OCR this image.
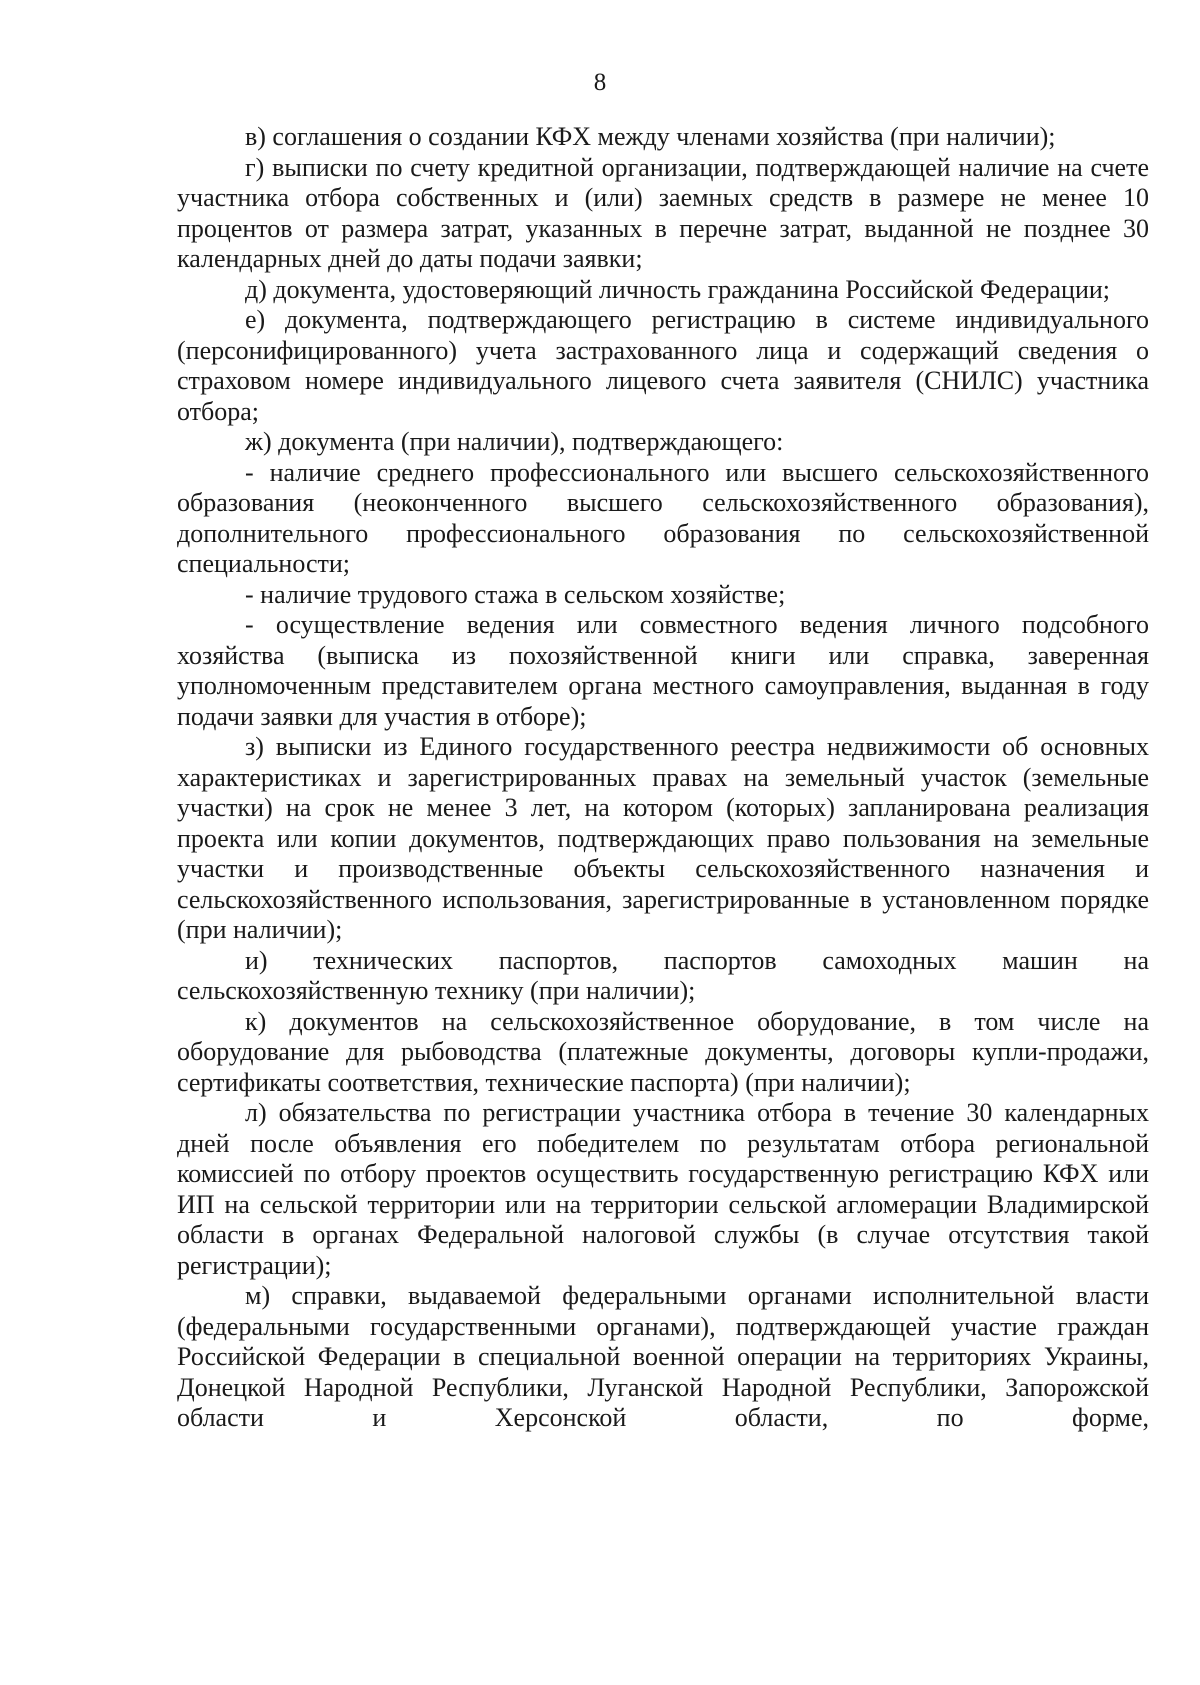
8

в) соглашения о создании КФХ между членами хозяйства (при наличии);

г) выписки по счету кредитной организации, подтверждающей наличие на счете участника отбора собственных и (или) заемных средств в размере не менее 10 процентов от размера затрат, указанных в перечне затрат, выданной не позднее 30 календарных дней до даты подачи заявки;

д) документа, удостоверяющий личность гражданина Российской Федерации;

е) документа, подтверждающего регистрацию в системе индивидуального (персонифицированного) учета застрахованного лица и содержащий сведения о страховом номере индивидуального лицевого счета заявителя (СНИЛС) участника отбора;

ж) документа (при наличии), подтверждающего:

- наличие среднего профессионального или высшего сельскохозяйственного образования (неоконченного высшего сельскохозяйственного образования), дополнительного профессионального образования по сельскохозяйственной специальности;

- наличие трудового стажа в сельском хозяйстве;

- осуществление ведения или совместного ведения личного подсобного хозяйства (выписка из похозяйственной книги или справка, заверенная уполномоченным представителем органа местного самоуправления, выданная в году подачи заявки для участия в отборе);

з) выписки из Единого государственного реестра недвижимости об основных характеристиках и зарегистрированных правах на земельный участок (земельные участки) на срок не менее 3 лет, на котором (которых) запланирована реализация проекта или копии документов, подтверждающих право пользования на земельные участки и производственные объекты сельскохозяйственного назначения и сельскохозяйственного использования, зарегистрированные в установленном порядке (при наличии);

и) технических паспортов, паспортов самоходных машин на сельскохозяйственную технику (при наличии);

к) документов на сельскохозяйственное оборудование, в том числе на оборудование для рыбоводства (платежные документы, договоры купли-продажи, сертификаты соответствия, технические паспорта) (при наличии);

л) обязательства по регистрации участника отбора в течение 30 календарных дней после объявления его победителем по результатам отбора региональной комиссией по отбору проектов осуществить государственную регистрацию КФХ или ИП на сельской территории или на территории сельской агломерации Владимирской области в органах Федеральной налоговой службы (в случае отсутствия такой регистрации);

м) справки, выдаваемой федеральными органами исполнительной власти (федеральными государственными органами), подтверждающей участие граждан Российской Федерации в специальной военной операции на территориях Украины, Донецкой Народной Республики, Луганской Народной Республики, Запорожской области и Херсонской области, по форме,
